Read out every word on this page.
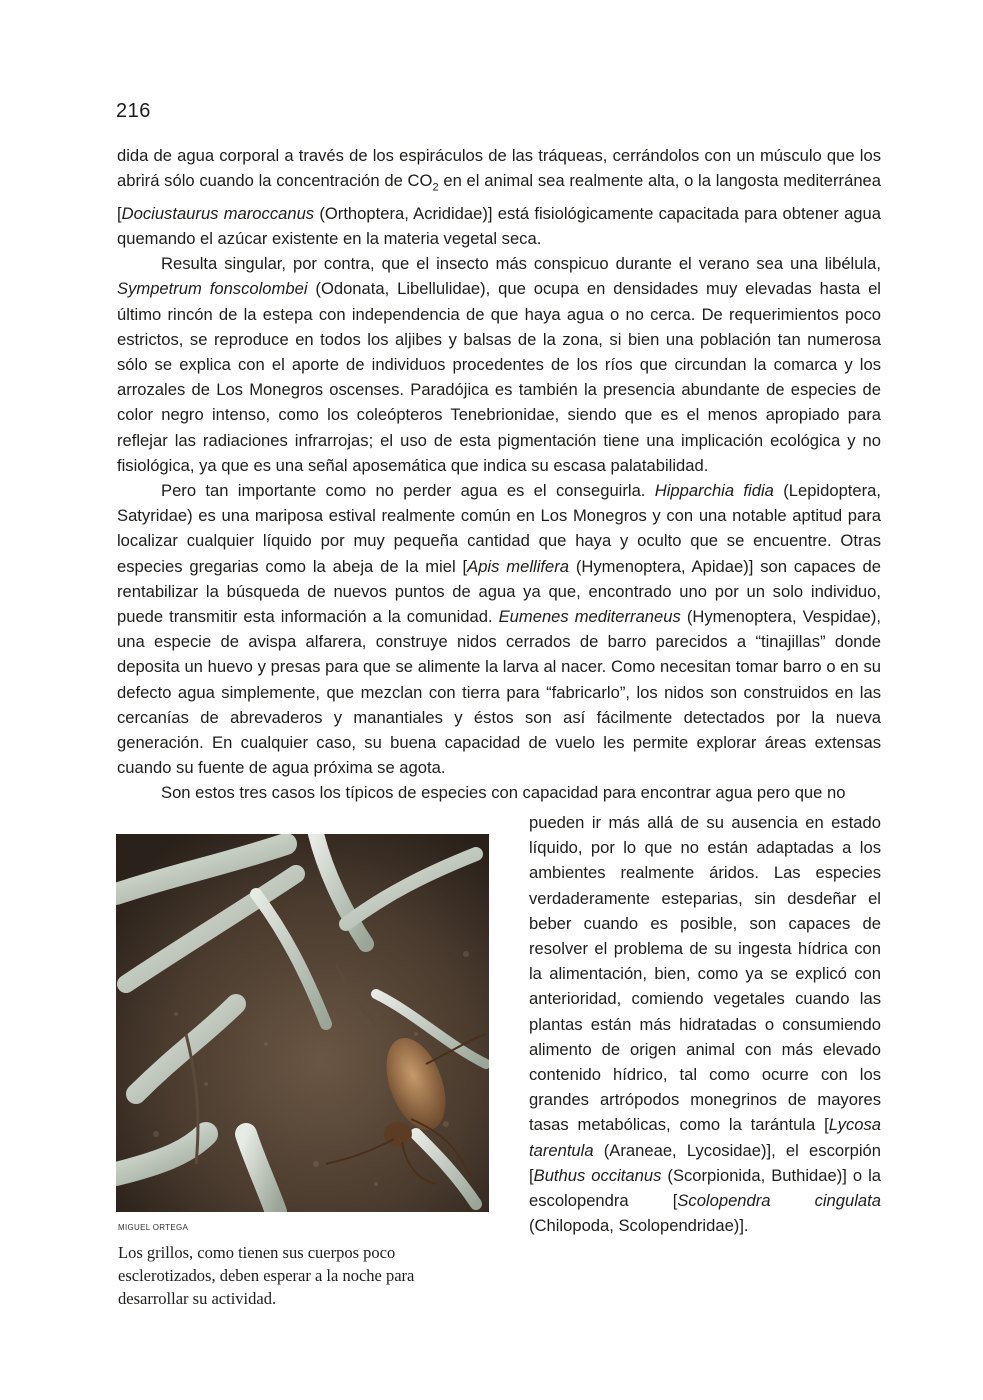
216

dida de agua corporal a través de los espiráculos de las tráqueas, cerrándolos con un músculo que los abrirá sólo cuando la concentración de $CO_2$ en el animal sea realmente alta, o la langosta mediterránea [Dociustaurus maroccanus (Orthoptera, Acrididae)] está fisiológicamente capacitada para obtener agua quemando el azúcar existente en la materia vegetal seca.

Resulta singular, por contra, que el insecto más conspicuo durante el verano sea una libélula, Sympetrum fonscolombei (Odonata, Libellulidae), que ocupa en densidades muy elevadas hasta el último rincón de la estepa con independencia de que haya agua o no cerca. De requerimientos poco estrictos, se reproduce en todos los aljibes y balsas de la zona, si bien una población tan numerosa sólo se explica con el aporte de individuos procedentes de los ríos que circundan la comarca y los arrozales de Los Monegros oscenses. Paradójica es también la presencia abundante de especies de color negro intenso, como los coleópteros Tenebrionidae, siendo que es el menos apropiado para reflejar las radiaciones infrarrojas; el uso de esta pigmentación tiene una implicación ecológica y no fisiológica, ya que es una señal aposemática que indica su escasa palatabilidad.

Pero tan importante como no perder agua es el conseguirla. Hipparchia fidia (Lepidoptera, Satyridae) es una mariposa estival realmente común en Los Monegros y con una notable aptitud para localizar cualquier líquido por muy pequeña cantidad que haya y oculto que se encuentre. Otras especies gregarias como la abeja de la miel [Apis mellifera (Hymenoptera, Apidae)] son capaces de rentabilizar la búsqueda de nuevos puntos de agua ya que, encontrado uno por un solo individuo, puede transmitir esta información a la comunidad. Eumenes mediterraneus (Hymenoptera, Vespidae), una especie de avispa alfarera, construye nidos cerrados de barro parecidos a “tinajillas” donde deposita un huevo y presas para que se alimente la larva al nacer. Como necesitan tomar barro o en su defecto agua simplemente, que mezclan con tierra para “fabricarlo”, los nidos son construidos en las cercanías de abrevaderos y manantiales y éstos son así fácilmente detectados por la nueva generación. En cualquier caso, su buena capacidad de vuelo les permite explorar áreas extensas cuando su fuente de agua próxima se agota.

Son estos tres casos los típicos de especies con capacidad para encontrar agua pero que no

pueden ir más allá de su ausencia en estado líquido, por lo que no están adaptadas a los ambientes realmente áridos. Las especies verdaderamente esteparias, sin desdeñar el beber cuando es posible, son capaces de resolver el problema de su ingesta hídrica con la alimentación, bien, como ya se explicó con anterioridad, comiendo vegetales cuando las plantas están más hidratadas o consumiendo alimento de origen animal con más elevado contenido hídrico, tal como ocurre con los grandes artrópodos monegrinos de mayores tasas metabólicas, como la tarántula [Lycosa tarentula (Araneae, Lycosidae)], el escorpión [Buthus occitanus (Scorpionida, Buthidae)] o la escolopendra [Scolopendra cingulata (Chilopoda, Scolopendridae)].

MIGUEL ORTEGA
Los grillos, como tienen sus cuerpos poco esclerotizados, deben esperar a la noche para desarrollar su actividad.
